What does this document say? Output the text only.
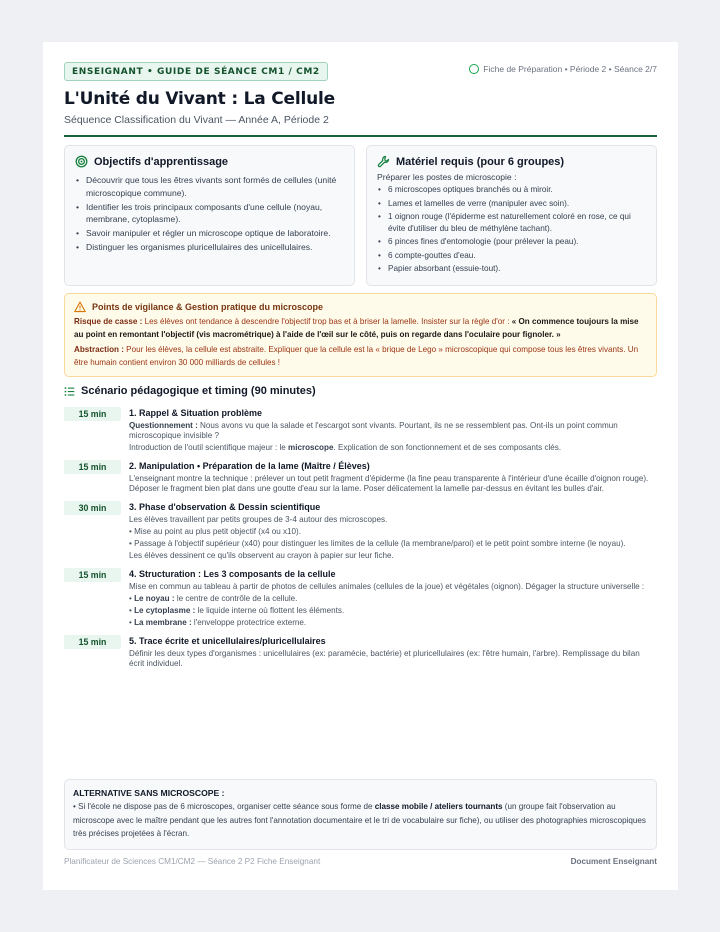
ENSEIGNANT • GUIDE DE SÉANCE CM1 / CM2	Fiche de Préparation • Période 2 • Séance 2/7
L'Unité du Vivant : La Cellule
Séquence Classification du Vivant — Année A, Période 2
Objectifs d'apprentissage
• Découvrir que tous les êtres vivants sont formés de cellules (unité microscopique commune).
• Identifier les trois principaux composants d'une cellule (noyau, membrane, cytoplasme).
• Savoir manipuler et régler un microscope optique de laboratoire.
• Distinguer les organismes pluricellulaires des unicellulaires.
Matériel requis (pour 6 groupes)
Préparer les postes de microscopie :
• 6 microscopes optiques branchés ou à miroir.
• Lames et lamelles de verre (manipuler avec soin).
• 1 oignon rouge (l'épiderme est naturellement coloré en rose, ce qui évite d'utiliser du bleu de méthylène tachant).
• 6 pinces fines d'entomologie (pour prélever la peau).
• 6 compte-gouttes d'eau.
• Papier absorbant (essuie-tout).
Points de vigilance & Gestion pratique du microscope

Risque de casse : Les élèves ont tendance à descendre l'objectif trop bas et à briser la lamelle. Insister sur la règle d'or : « On commence toujours la mise au point en remontant l'objectif (vis macrométrique) à l'aide de l'œil sur le côté, puis on regarde dans l'oculaire pour fignoler. »

Abstraction : Pour les élèves, la cellule est abstraite. Expliquer que la cellule est la « brique de Lego » microscopique qui compose tous les êtres vivants. Un être humain contient environ 30 000 milliards de cellules !

Scénario pédagogique et timing (90 minutes)
15 min	1. Rappel & Situation problème
Questionnement : Nous avons vu que la salade et l'escargot sont vivants. Pourtant, ils ne se ressemblent pas. Ont-ils un point commun microscopique invisible ?
Introduction de l'outil scientifique majeur : le microscope. Explication de son fonctionnement et de ses composants clés.
15 min	2. Manipulation • Préparation de la lame (Maître / Élèves)
L'enseignant montre la technique : prélever un tout petit fragment d'épiderme (la fine peau transparente à l'intérieur d'une écaille d'oignon rouge). Déposer le fragment bien plat dans une goutte d'eau sur la lame. Poser délicatement la lamelle par-dessus en évitant les bulles d'air.
30 min	3. Phase d'observation & Dessin scientifique
Les élèves travaillent par petits groupes de 3-4 autour des microscopes.
• Mise au point au plus petit objectif (x4 ou x10).
• Passage à l'objectif supérieur (x40) pour distinguer les limites de la cellule (la membrane/paroi) et le petit point sombre interne (le noyau).
Les élèves dessinent ce qu'ils observent au crayon à papier sur leur fiche.
15 min	4. Structuration : Les 3 composants de la cellule
Mise en commun au tableau à partir de photos de cellules animales (cellules de la joue) et végétales (oignon). Dégager la structure universelle :
• Le noyau : le centre de contrôle de la cellule.
• Le cytoplasme : le liquide interne où flottent les éléments.
• La membrane : l'enveloppe protectrice externe.
15 min	5. Trace écrite et unicellulaires/pluricellulaires
Définir les deux types d'organismes : unicellulaires (ex: paramécie, bactérie) et pluricellulaires (ex: l'être humain, l'arbre). Remplissage du bilan écrit individuel.
ALTERNATIVE SANS MICROSCOPE :

• Si l'école ne dispose pas de 6 microscopes, organiser cette séance sous forme de classe mobile / ateliers tournants (un groupe fait l'observation au microscope avec le maître pendant que les autres font l'annotation documentaire et le tri de vocabulaire sur fiche), ou utiliser des photographies microscopiques très précises projetées à l'écran.

Planificateur de Sciences CM1/CM2 — Séance 2 P2 Fiche Enseignant	Document Enseignant
